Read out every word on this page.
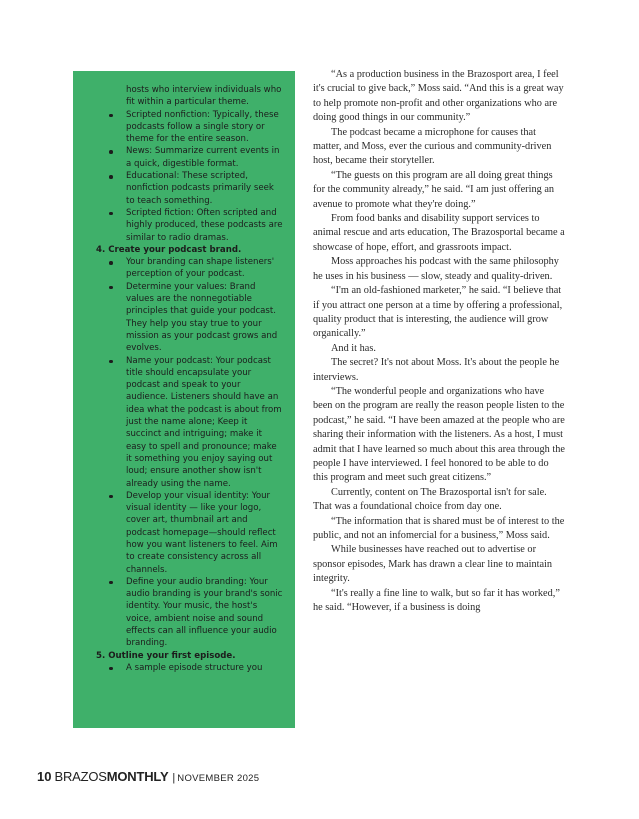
hosts who interview individuals who fit within a particular theme.

Scripted nonfiction: Typically, these podcasts follow a single story or theme for the entire season.

News: Summarize current events in a quick, digestible format.

Educational: These scripted, nonfiction podcasts primarily seek to teach something.

Scripted fiction: Often scripted and highly produced, these podcasts are similar to radio dramas.

4. Create your podcast brand.

Your branding can shape listeners' perception of your podcast.

Determine your values: Brand values are the nonnegotiable principles that guide your podcast. They help you stay true to your mission as your podcast grows and evolves.

Name your podcast: Your podcast title should encapsulate your podcast and speak to your audience. Listeners should have an idea what the podcast is about from just the name alone; Keep it succinct and intriguing; make it easy to spell and pronounce; make it something you enjoy saying out loud; ensure another show isn't already using the name.

Develop your visual identity: Your visual identity — like your logo, cover art, thumbnail art and podcast homepage—should reflect how you want listeners to feel. Aim to create consistency across all channels.

Define your audio branding: Your audio branding is your brand's sonic identity. Your music, the host's voice, ambient noise and sound effects can all influence your audio branding.

5. Outline your first episode.

A sample episode structure you

“As a production business in the Brazosport area, I feel it's crucial to give back,” Moss said. “And this is a great way to help promote non-profit and other organizations who are doing good things in our community.”

The podcast became a microphone for causes that matter, and Moss, ever the curious and community-driven host, became their storyteller.

“The guests on this program are all doing great things for the community already,” he said. “I am just offering an avenue to promote what they're doing.”

From food banks and disability support services to animal rescue and arts education, The Brazosportal became a showcase of hope, effort, and grassroots impact.

Moss approaches his podcast with the same philosophy he uses in his business — slow, steady and quality-driven.

“I'm an old-fashioned marketer,” he said. “I believe that if you attract one person at a time by offering a professional, quality product that is interesting, the audience will grow organically.”

And it has.

The secret? It's not about Moss. It's about the people he interviews.

“The wonderful people and organizations who have been on the program are really the reason people listen to the podcast,” he said. “I have been amazed at the people who are sharing their information with the listeners. As a host, I must admit that I have learned so much about this area through the people I have interviewed. I feel honored to be able to do this program and meet such great citizens.”

Currently, content on The Brazosportal isn't for sale. That was a foundational choice from day one.

“The information that is shared must be of interest to the public, and not an infomercial for a business,” Moss said.

While businesses have reached out to advertise or sponsor episodes, Mark has drawn a clear line to maintain integrity.

“It's really a fine line to walk, but so far it has worked,” he said. “However, if a business is doing

10 BRAZOSMONTHLY | NOVEMBER 2025
